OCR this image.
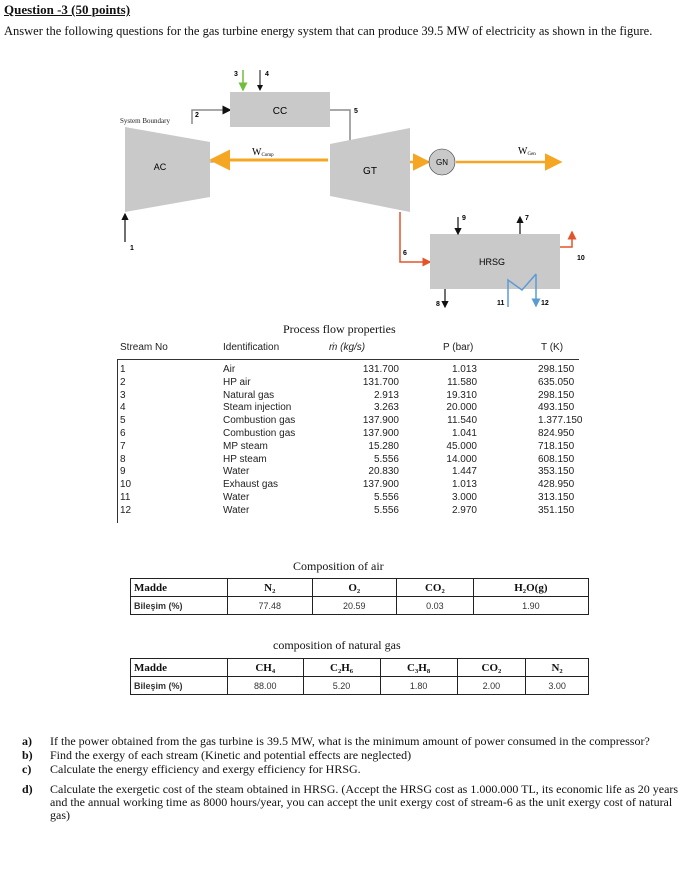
Question -3 (50 points)
Answer the following questions for the gas turbine energy system that can produce 39.5 MW of electricity as shown in the figure.
CC
AC	GT
GN
HRSG
System Boundary
WComp	WGen
1
2
3	4
5
6
7
8
9
10
11	12
Process flow properties
Stream No	Identification	ṁ (kg/s)	P (bar)	T (K)
1	Air	131.700	1.013	298.150
2	HP air	131.700	11.580	635.050
3	Natural gas	2.913	19.310	298.150
4	Steam injection	3.263	20.000	493.150
5	Combustion gas	137.900	11.540	1.377.150
6	Combustion gas	137.900	1.041	824.950
7	MP steam	15.280	45.000	718.150
8	HP steam	5.556	14.000	608.150
9	Water	20.830	1.447	353.150
10	Exhaust gas	137.900	1.013	428.950
11	Water	5.556	3.000	313.150
12	Water	5.556	2.970	351.150
Composition of air
Madde	N₂	O₂	CO₂	H₂O(g)
Bileşim (%)	77.48	20.59	0.03	1.90
composition of natural gas
Madde	CH₄	C₂H₆	C₃H₈	CO₂	N₂
Bileşim (%)	88.00	5.20	1.80	2.00	3.00
a) If the power obtained from the gas turbine is 39.5 MW, what is the minimum amount of power consumed in the compressor?
b) Find the exergy of each stream (Kinetic and potential effects are neglected)
c) Calculate the energy efficiency and exergy efficiency for HRSG.
d) Calculate the exergetic cost of the steam obtained in HRSG. (Accept the HRSG cost as 1.000.000 TL, its economic life as 20 years and the annual working time as 8000 hours/year, you can accept the unit exergy cost of stream-6 as the unit exergy cost of natural gas)
